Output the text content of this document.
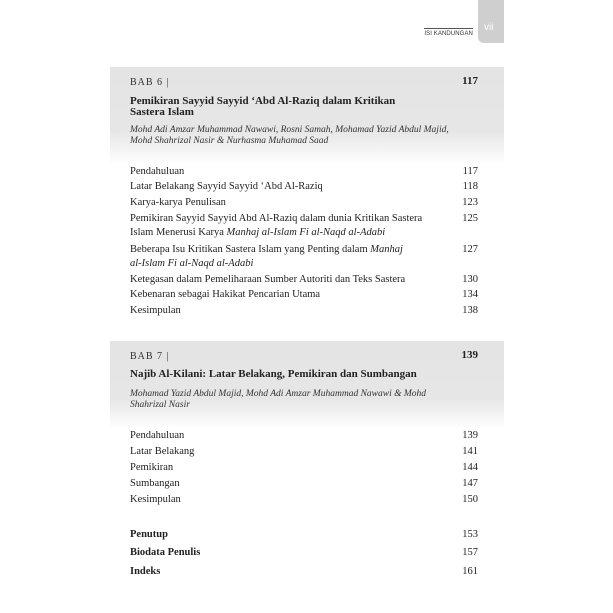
vii
ISI KANDUNGAN
BAB 6 |	117
Pemikiran Sayyid Sayyid ‘Abd Al-Raziq dalam Kritikan Sastera Islam
Mohd Adi Amzar Muhammad Nawawi, Rosni Samah, Mohamad Yazid Abdul Majid, Mohd Shahrizal Nasir & Nurhasma Muhamad Saad
Pendahuluan	117
Latar Belakang Sayyid Sayyid ‘Abd Al-Raziq	118
Karya-karya Penulisan	123
Pemikiran Sayyid Sayyid Abd Al-Raziq dalam dunia Kritikan Sastera	125

Islam Menerusi Karya Manhaj al-Islam Fi al-Naqd al-Adabi
Beberapa Isu Kritikan Sastera Islam yang Penting dalam Manhaj	127

al-Islam Fi al-Naqd al-Adabi
Ketegasan dalam Pemeliharaan Sumber Autoriti dan Teks Sastera	130
Kebenaran sebagai Hakikat Pencarian Utama	134
Kesimpulan	138
BAB 7 |	139
Najib Al-Kilani: Latar Belakang, Pemikiran dan Sumbangan
Mohamad Yazid Abdul Majid, Mohd Adi Amzar Muhammad Nawawi & Mohd Shahrizal Nasir
Pendahuluan	139
Latar Belakang	141
Pemikiran	144
Sumbangan	147
Kesimpulan	150
Penutup	153
Biodata Penulis	157
Indeks	161
